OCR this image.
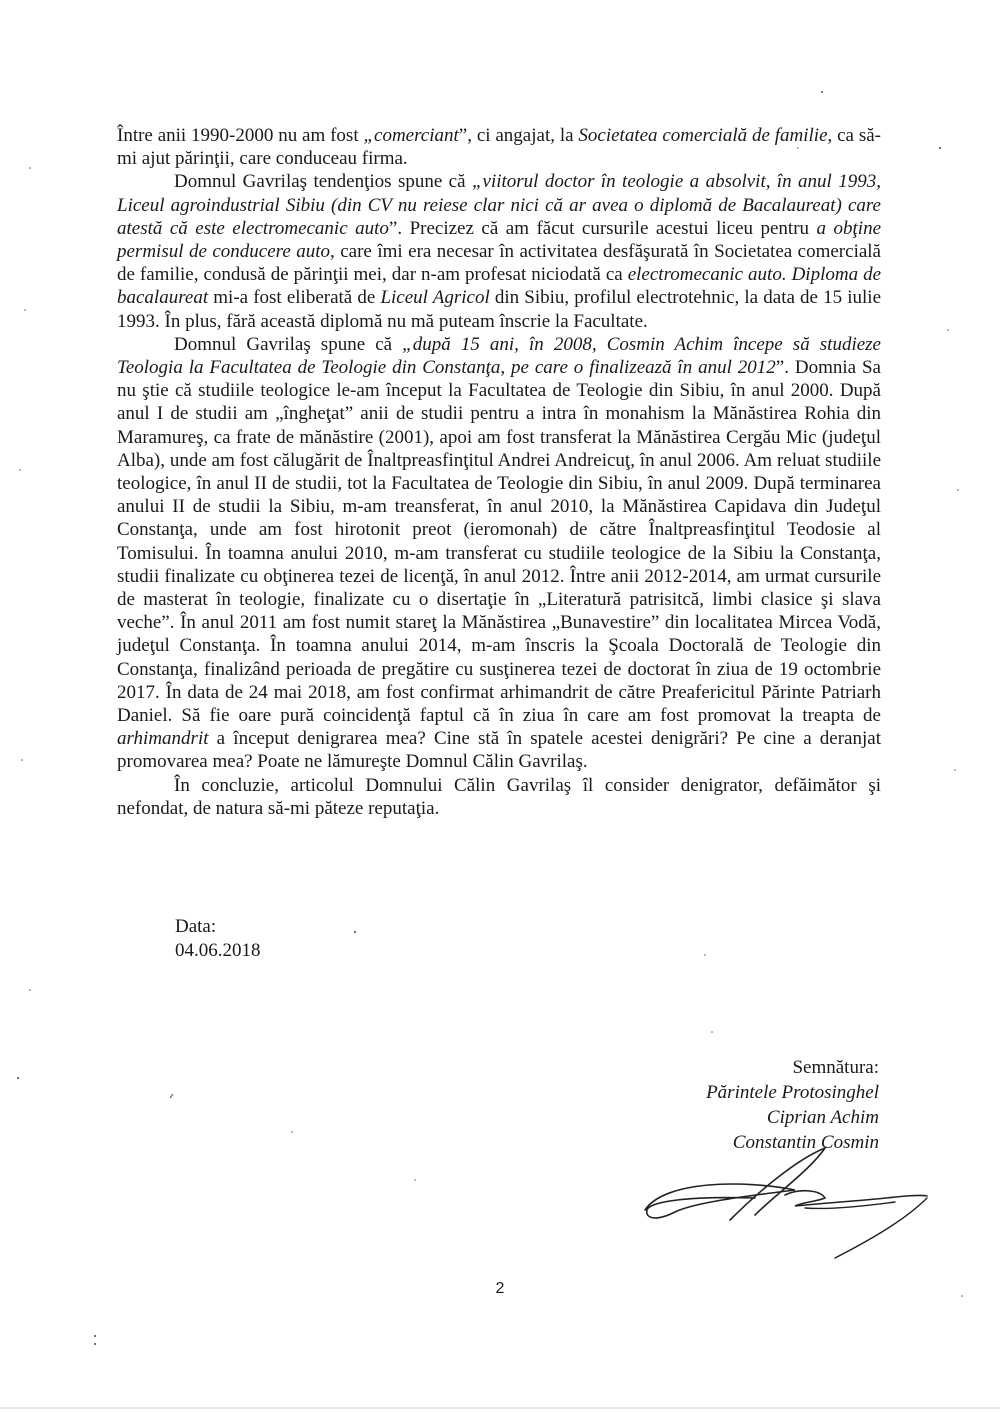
Între anii 1990-2000 nu am fost „comerciant”, ci angajat, la Societatea comercială de familie, ca să-mi ajut părinţii, care conduceau firma.

Domnul Gavrilaş tendenţios spune că „viitorul doctor în teologie a absolvit, în anul 1993, Liceul agroindustrial Sibiu (din CV nu reiese clar nici că ar avea o diplomă de Bacalaureat) care atestă că este electromecanic auto”. Precizez că am făcut cursurile acestui liceu pentru a obţine permisul de conducere auto, care îmi era necesar în activitatea desfăşurată în Societatea comercială de familie, condusă de părinţii mei, dar n-am profesat niciodată ca electromecanic auto. Diploma de bacalaureat mi-a fost eliberată de Liceul Agricol din Sibiu, profilul electrotehnic, la data de 15 iulie 1993. În plus, fără această diplomă nu mă puteam înscrie la Facultate.

Domnul Gavrilaş spune că „după 15 ani, în 2008, Cosmin Achim începe să studieze Teologia la Facultatea de Teologie din Constanţa, pe care o finalizează în anul 2012”. Domnia Sa nu ştie că studiile teologice le-am început la Facultatea de Teologie din Sibiu, în anul 2000. După anul I de studii am „îngheţat” anii de studii pentru a intra în monahism la Mănăstirea Rohia din Maramureş, ca frate de mănăstire (2001), apoi am fost transferat la Mănăstirea Cergău Mic (judeţul Alba), unde am fost călugărit de Înaltpreasfinţitul Andrei Andreicuţ, în anul 2006. Am reluat studiile teologice, în anul II de studii, tot la Facultatea de Teologie din Sibiu, în anul 2009. După terminarea anului II de studii la Sibiu, m-am treansferat, în anul 2010, la Mănăstirea Capidava din Judeţul Constanţa, unde am fost hirotonit preot (ieromonah) de către Înaltpreasfinţitul Teodosie al Tomisului. În toamna anului 2010, m-am transferat cu studiile teologice de la Sibiu la Constanţa, studii finalizate cu obţinerea tezei de licenţă, în anul 2012. Între anii 2012-2014, am urmat cursurile de masterat în teologie, finalizate cu o disertaţie în „Literatură patrisitcă, limbi clasice şi slava veche”. În anul 2011 am fost numit stareţ la Mănăstirea „Bunavestire” din localitatea Mircea Vodă, judeţul Constanţa. În toamna anului 2014, m-am înscris la Şcoala Doctorală de Teologie din Constanţa, finalizând perioada de pregătire cu susţinerea tezei de doctorat în ziua de 19 octombrie 2017. În data de 24 mai 2018, am fost confirmat arhimandrit de către Preafericitul Părinte Patriarh Daniel. Să fie oare pură coincidenţă faptul că în ziua în care am fost promovat la treapta de arhimandrit a început denigrarea mea? Cine stă în spatele acestei denigrări? Pe cine a deranjat promovarea mea? Poate ne lămureşte Domnul Călin Gavrilaş.

În concluzie, articolul Domnului Călin Gavrilaş îl consider denigrator, defăimător şi nefondat, de natura să-mi păteze reputaţia.

Data:
04.06.2018
Semnătura:
Părintele Protosinghel
Ciprian Achim
Constantin Cosmin
2
